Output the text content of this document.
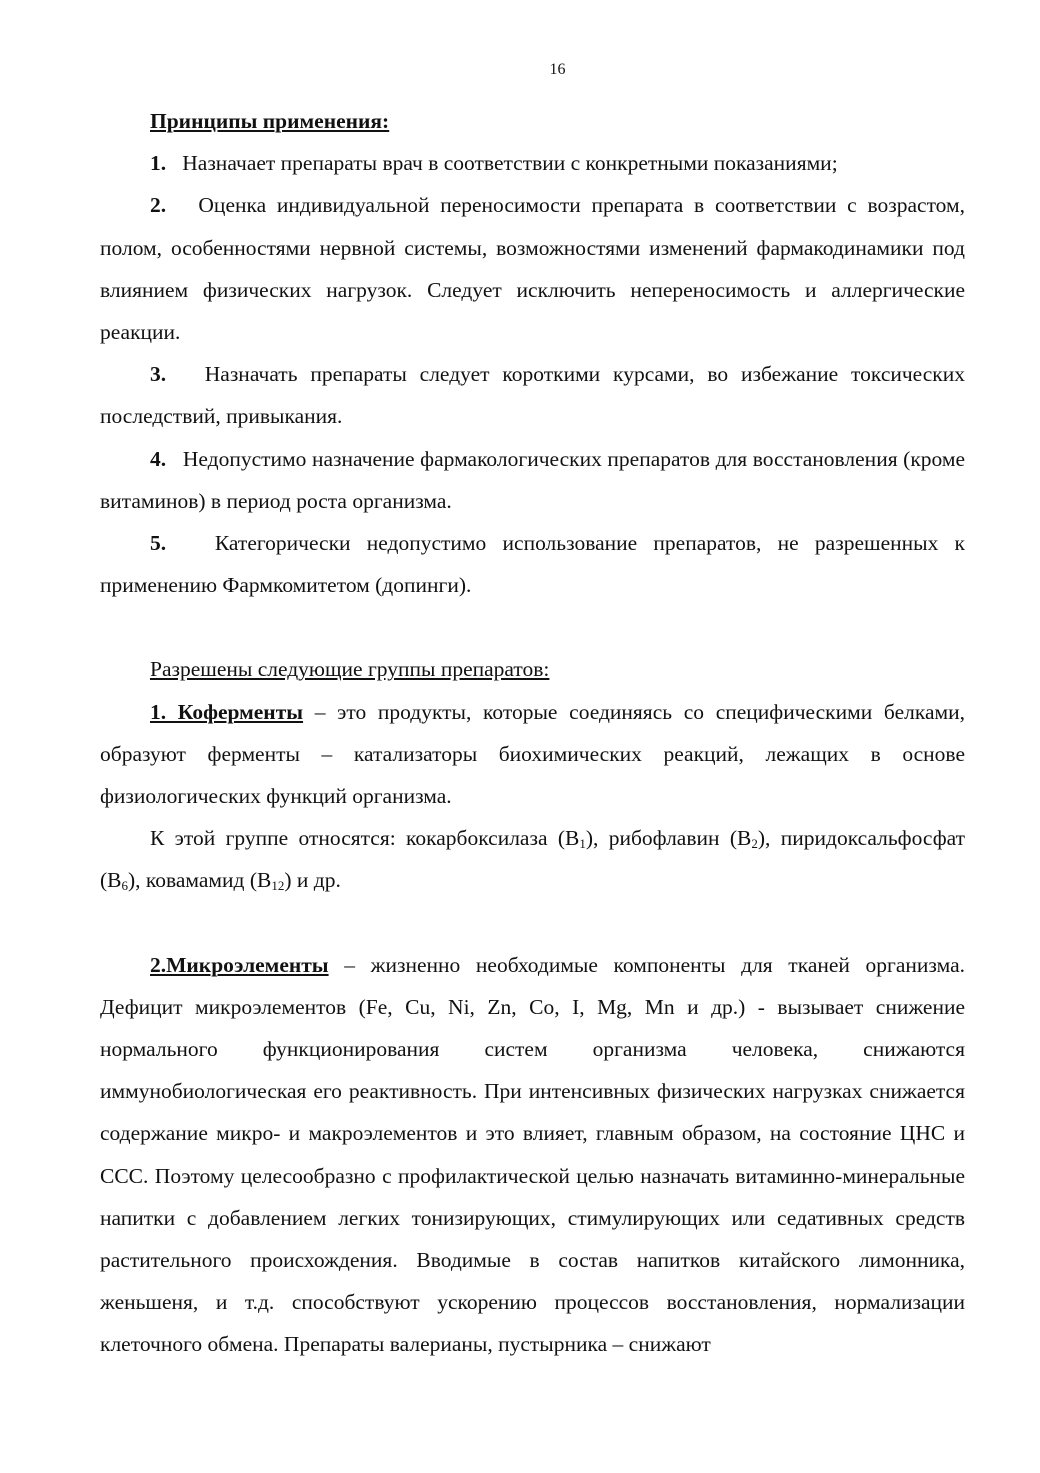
16

Принципы применения:

1. Назначает препараты врач в соответствии с конкретными показаниями;

2. Оценка индивидуальной переносимости препарата в соответствии с возрастом, полом, особенностями нервной системы, возможностями изменений фармакодинамики под влиянием физических нагрузок. Следует исключить непереносимость и аллергические реакции.

3. Назначать препараты следует короткими курсами, во избежание токсических последствий, привыкания.

4. Недопустимо назначение фармакологических препаратов для восстановления (кроме витаминов) в период роста организма.

5. Категорически недопустимо использование препаратов, не разрешенных к применению Фармкомитетом (допинги).

Разрешены следующие группы препаратов:

1. Коферменты – это продукты, которые соединяясь со специфическими белками, образуют ферменты – катализаторы биохимических реакций, лежащих в основе физиологических функций организма.

К этой группе относятся: кокарбоксилаза $(В_1)$, рибофлавин $(В_2)$, пиридоксальфосфат $(В_6)$, ковамамид $(В_{12})$ и др.

2.Микроэлементы – жизненно необходимые компоненты для тканей организма. Дефицит микроэлементов (Fe, Cu, Ni, Zn, Co, I, Mg, Mn и др.) - вызывает снижение нормального функционирования систем организма человека, снижаются иммунобиологическая его реактивность. При интенсивных физических нагрузках снижается содержание микро- и макроэлементов и это влияет, главным образом, на состояние ЦНС и ССС. Поэтому целесообразно с профилактической целью назначать витаминно-минеральные напитки с добавлением легких тонизирующих, стимулирующих или седативных средств растительного происхождения. Вводимые в состав напитков китайского лимонника, женьшеня, и т.д. способствуют ускорению процессов восстановления, нормализации клеточного обмена. Препараты валерианы, пустырника – снижают
